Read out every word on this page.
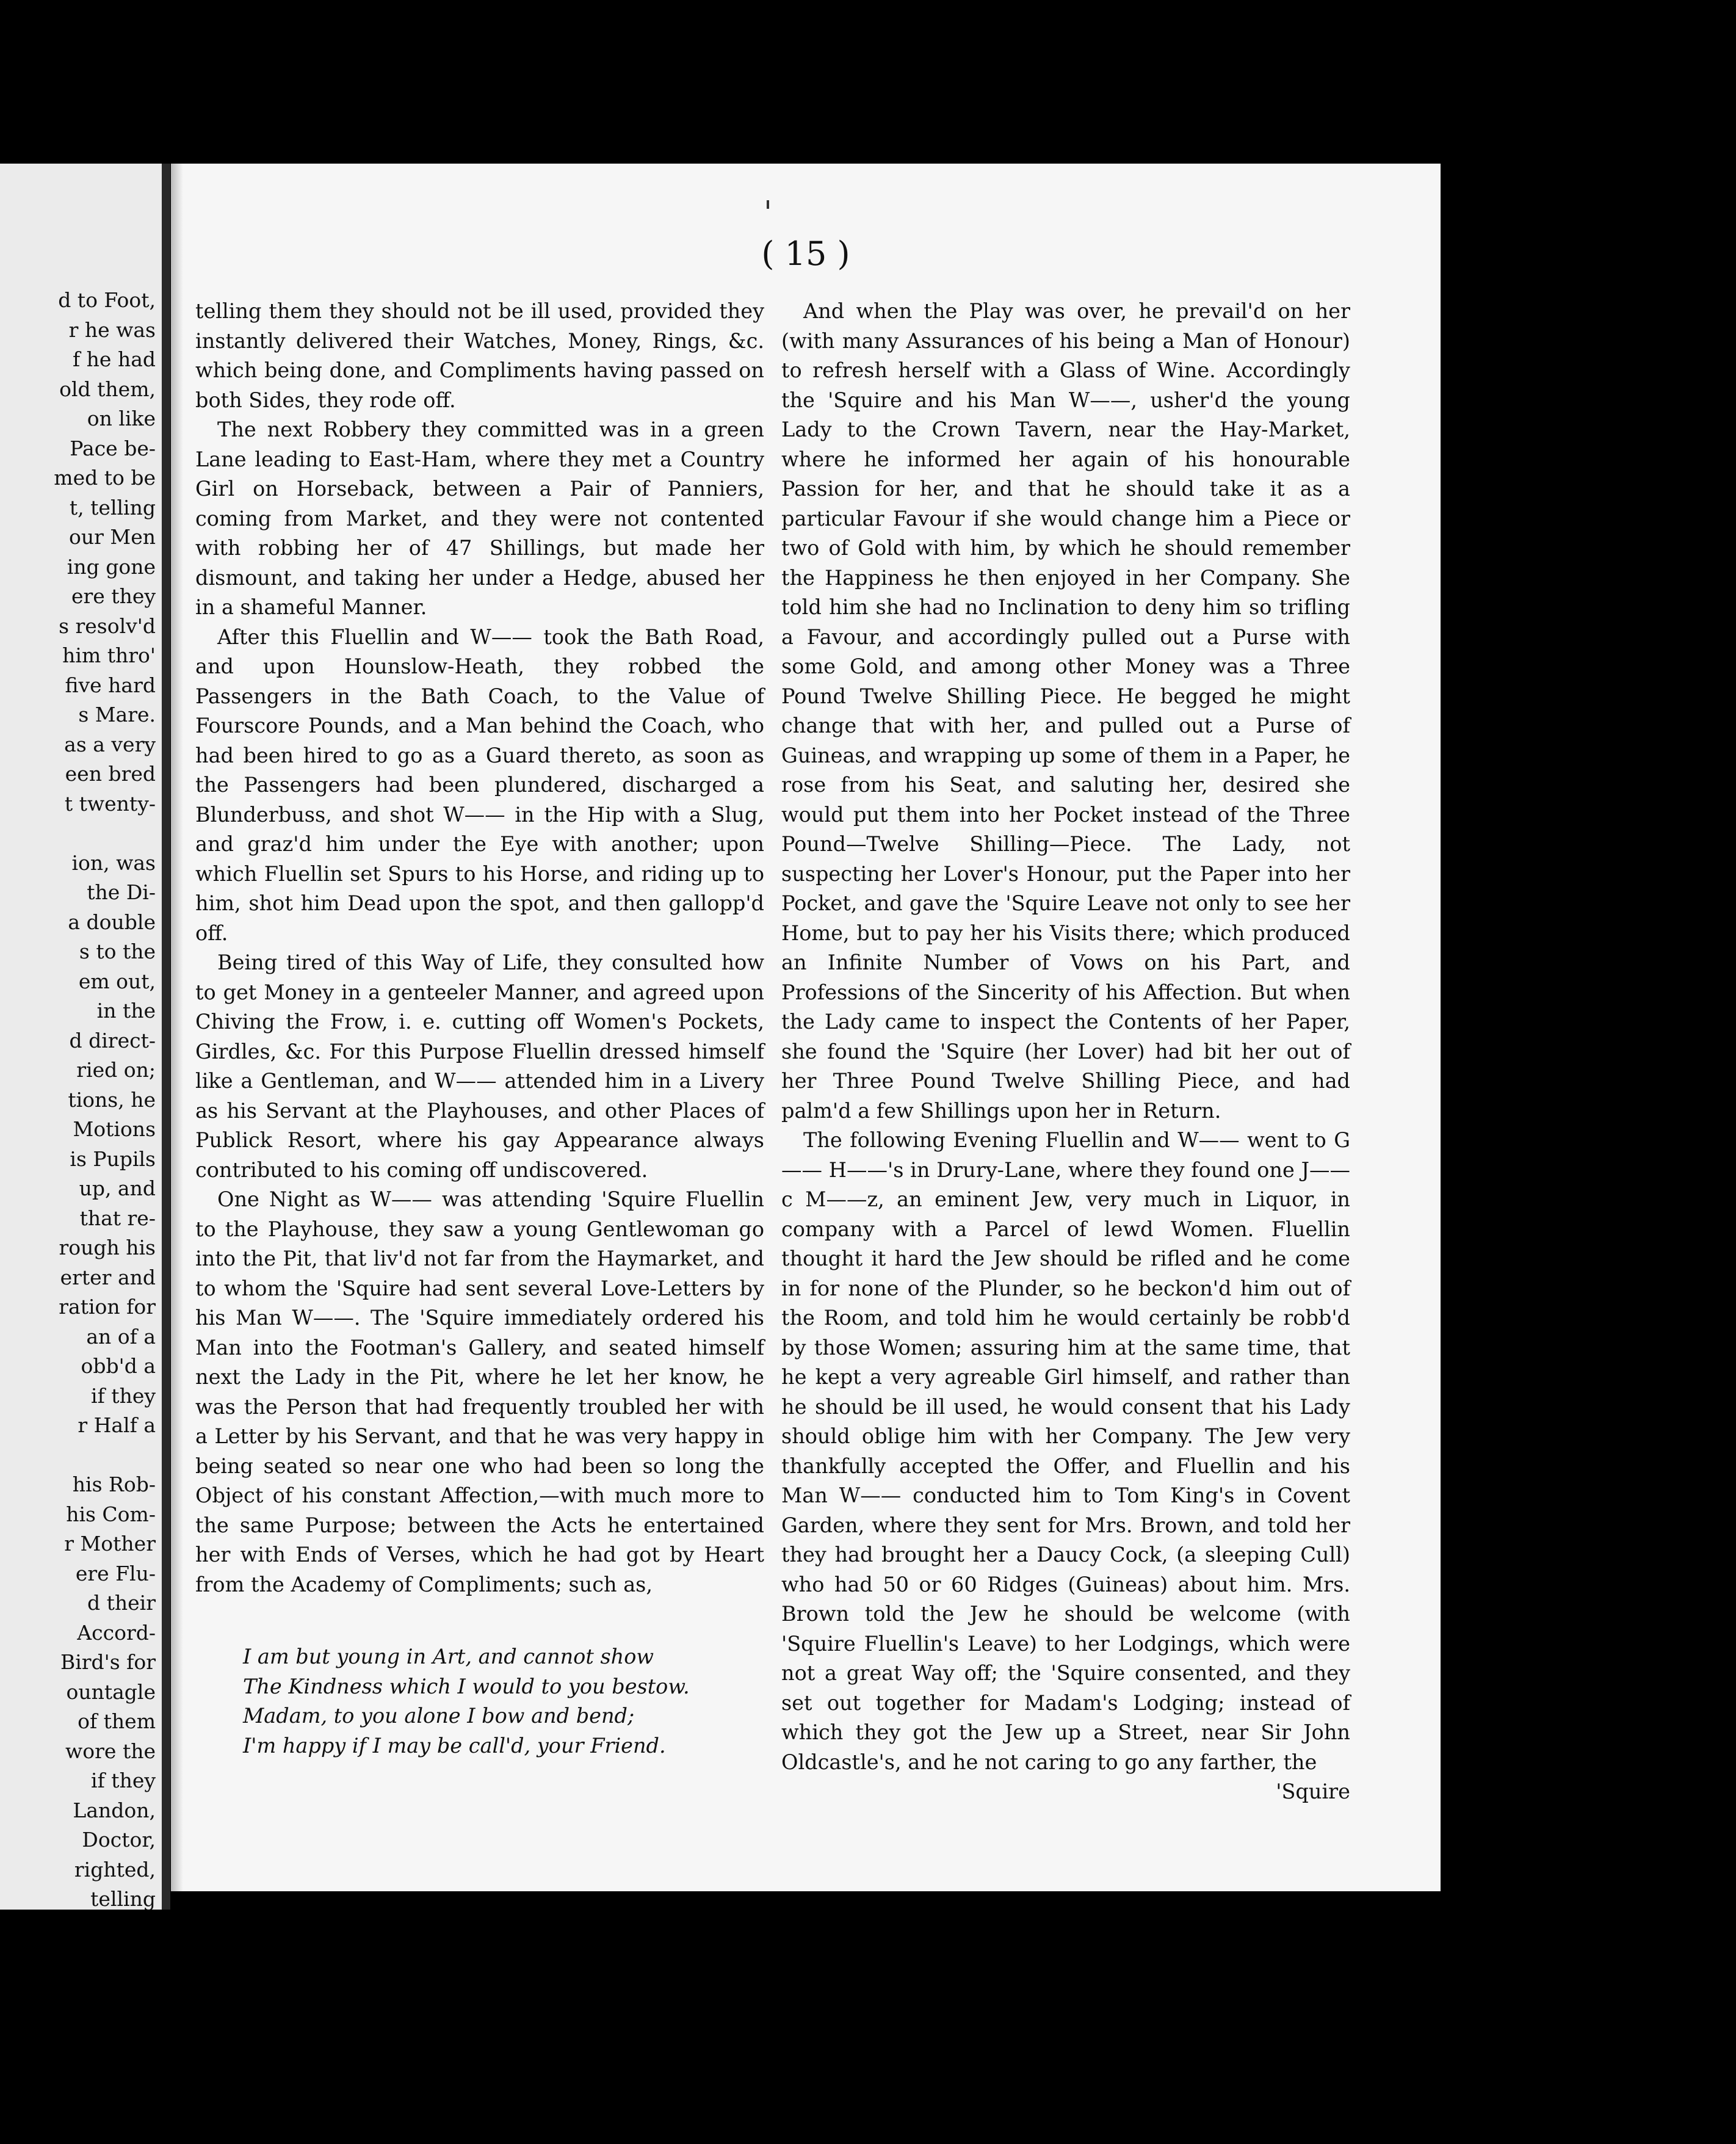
d to Foot,
r he was
f he had
old them,
on like
Pace be-
med to be
t, telling
our Men
ing gone
ere they
s resolv'd
him thro'
five hard
s Mare.
as a very
een bred
t twenty-
ion, was
the Di-
a double
s to the
em out,
in the
d direct-
ried on;
tions, he
Motions
is Pupils
up, and
that re-
rough his
erter and
ration for
an of a
obb'd a
if they
r Half a
his Rob-
his Com-
r Mother
ere Flu-
d their
Accord-
Bird's for
ountagle
of them
wore the
if they
Landon,
Doctor,
righted,
telling
( 15 )

telling them they should not be ill used, provided they instantly delivered their Watches, Money, Rings, &c. which being done, and Compliments having passed on both Sides, they rode off.

The next Robbery they committed was in a green Lane leading to East-Ham, where they met a Country Girl on Horseback, between a Pair of Panniers, coming from Market, and they were not contented with robbing her of 47 Shillings, but made her dismount, and taking her under a Hedge, abused her in a shameful Manner.

After this Fluellin and W—— took the Bath Road, and upon Hounslow-Heath, they robbed the Passengers in the Bath Coach, to the Value of Fourscore Pounds, and a Man behind the Coach, who had been hired to go as a Guard thereto, as soon as the Passengers had been plundered, discharged a Blunderbuss, and shot W—— in the Hip with a Slug, and graz'd him under the Eye with another; upon which Fluellin set Spurs to his Horse, and riding up to him, shot him Dead upon the spot, and then gallopp'd off.

Being tired of this Way of Life, they consulted how to get Money in a genteeler Manner, and agreed upon Chiving the Frow, i. e. cutting off Women's Pockets, Girdles, &c. For this Purpose Fluellin dressed himself like a Gentleman, and W—— attended him in a Livery as his Servant at the Playhouses, and other Places of Publick Resort, where his gay Appearance always contributed to his coming off undiscovered.

One Night as W—— was attending 'Squire Fluellin to the Playhouse, they saw a young Gentlewoman go into the Pit, that liv'd not far from the Haymarket, and to whom the 'Squire had sent several Love-Letters by his Man W——. The 'Squire immediately ordered his Man into the Footman's Gallery, and seated himself next the Lady in the Pit, where he let her know, he was the Person that had frequently troubled her with a Letter by his Servant, and that he was very happy in being seated so near one who had been so long the Object of his constant Affection,—with much more to the same Purpose; between the Acts he entertained her with Ends of Verses, which he had got by Heart from the Academy of Compliments; such as,

I am but young in Art, and cannot show
The Kindness which I would to you bestow.
Madam, to you alone I bow and bend;
I'm happy if I may be call'd, your Friend.

And when the Play was over, he prevail'd on her (with many Assurances of his being a Man of Honour) to refresh herself with a Glass of Wine. Accordingly the 'Squire and his Man W——, usher'd the young Lady to the Crown Tavern, near the Hay-Market, where he informed her again of his honourable Passion for her, and that he should take it as a particular Favour if she would change him a Piece or two of Gold with him, by which he should remember the Happiness he then enjoyed in her Company. She told him she had no Inclination to deny him so trifling a Favour, and accordingly pulled out a Purse with some Gold, and among other Money was a Three Pound Twelve Shilling Piece. He begged he might change that with her, and pulled out a Purse of Guineas, and wrapping up some of them in a Paper, he rose from his Seat, and saluting her, desired she would put them into her Pocket instead of the Three Pound—Twelve Shilling—Piece. The Lady, not suspecting her Lover's Honour, put the Paper into her Pocket, and gave the 'Squire Leave not only to see her Home, but to pay her his Visits there; which produced an Infinite Number of Vows on his Part, and Professions of the Sincerity of his Affection. But when the Lady came to inspect the Contents of her Paper, she found the 'Squire (her Lover) had bit her out of her Three Pound Twelve Shilling Piece, and had palm'd a few Shillings upon her in Return.

The following Evening Fluellin and W—— went to G—— H——'s in Drury-Lane, where they found one J——c M——z, an eminent Jew, very much in Liquor, in company with a Parcel of lewd Women. Fluellin thought it hard the Jew should be rifled and he come in for none of the Plunder, so he beckon'd him out of the Room, and told him he would certainly be robb'd by those Women; assuring him at the same time, that he kept a very agreable Girl himself, and rather than he should be ill used, he would consent that his Lady should oblige him with her Company. The Jew very thankfully accepted the Offer, and Fluellin and his Man W—— conducted him to Tom King's in Covent Garden, where they sent for Mrs. Brown, and told her they had brought her a Daucy Cock, (a sleeping Cull) who had 50 or 60 Ridges (Guineas) about him. Mrs. Brown told the Jew he should be welcome (with 'Squire Fluellin's Leave) to her Lodgings, which were not a great Way off; the 'Squire consented, and they set out together for Madam's Lodging; instead of which they got the Jew up a Street, near Sir John Oldcastle's, and he not caring to go any farther, the

'Squire
